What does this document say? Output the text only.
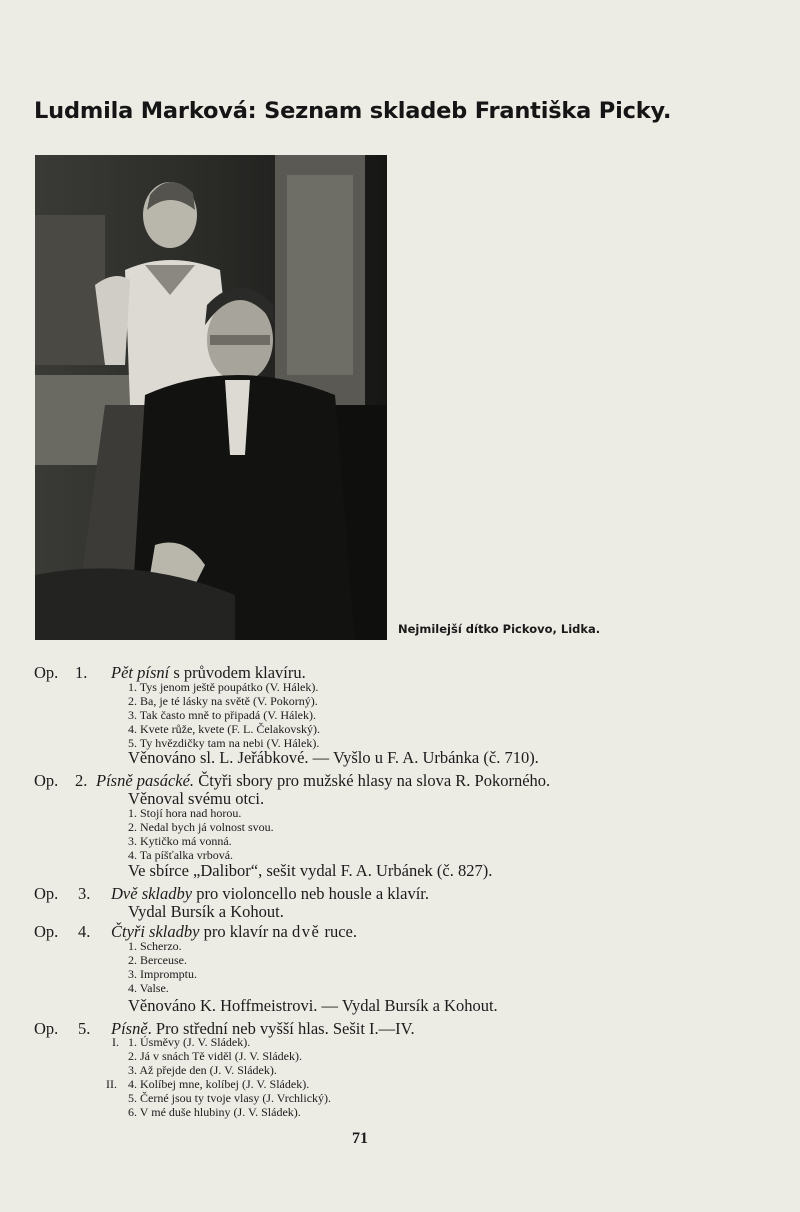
Ludmila Marková: Seznam skladeb Františka Picky.
Nejmilejší dítko Pickovo, Lidka.
Op. 1. Pět písní s průvodem klavíru.
1. Tys jenom ještě poupátko (V. Hálek).
2. Ba, je té lásky na světě (V. Pokorný).
3. Tak často mně to připadá (V. Hálek).
4. Kvete růže, kvete (F. L. Čelakovský).
5. Ty hvězdičky tam na nebi (V. Hálek).
Věnováno sl. L. Jeřábkové. — Vyšlo u F. A. Urbánka (č. 710).
Op. 2. Písně pasácké. Čtyři sbory pro mužské hlasy na slova R. Pokorného.
Věnoval svému otci.
1. Stojí hora nad horou.
2. Nedal bych já volnost svou.
3. Kytičko má vonná.
4. Ta píšťalka vrbová.
Ve sbírce „Dalibor“, sešit vydal F. A. Urbánek (č. 827).
Op. 3. Dvě skladby pro violoncello neb housle a klavír.
Vydal Bursík a Kohout.
Op. 4. Čtyři skladby pro klavír na dvě ruce.
1. Scherzo.
2. Berceuse.
3. Impromptu.
4. Valse.
Věnováno K. Hoffmeistrovi. — Vydal Bursík a Kohout.
Op. 5. Písně. Pro střední neb vyšší hlas. Sešit I.—IV.
I. 1. Úsměvy (J. V. Sládek).
2. Já v snách Tě viděl (J. V. Sládek).
3. Až přejde den (J. V. Sládek).
II. 4. Kolíbej mne, kolíbej (J. V. Sládek).
5. Černé jsou ty tvoje vlasy (J. Vrchlický).
6. V mé duše hlubiny (J. V. Sládek).
71
